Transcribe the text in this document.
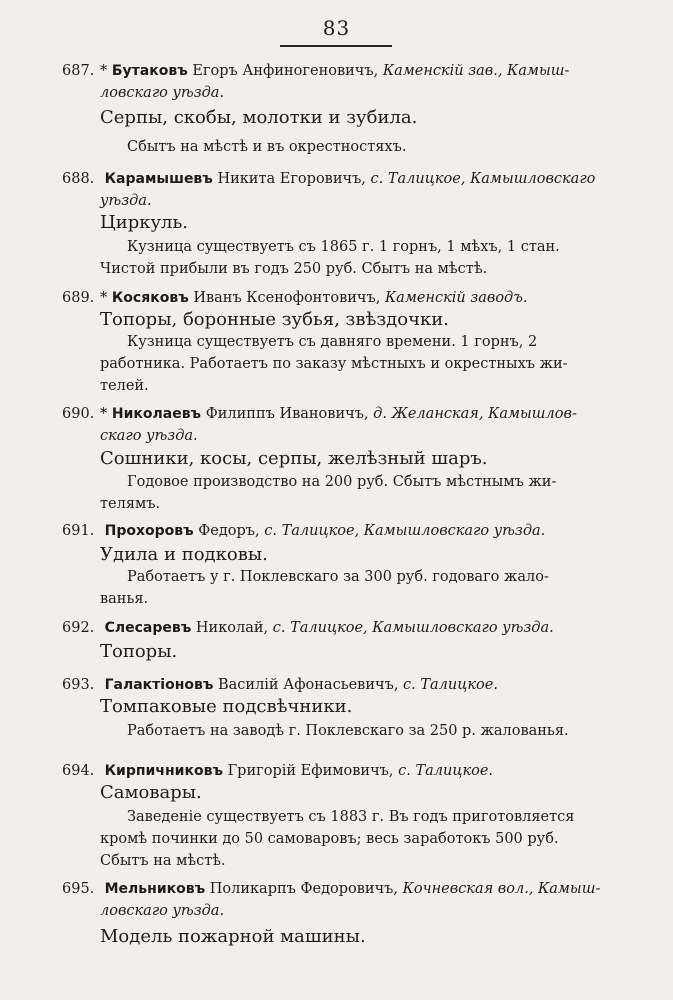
83
687. * Бутаковъ Егоръ Анфиногеновичъ, Каменскій зав., Камыш-
ловскаго уѣзда.
Серпы, скобы, молотки и зубила.
Сбытъ на мѣстѣ и въ окрестностяхъ.
688. Карамышевъ Никита Егоровичъ, с. Талицкое, Камышловскаго
уѣзда.
Циркуль.
Кузница существуетъ съ 1865 г. 1 горнъ, 1 мѣхъ, 1 стан.
Чистой прибыли въ годъ 250 руб. Сбытъ на мѣстѣ.
689. * Косяковъ Иванъ Ксенофонтовичъ, Каменскій заводъ.
Топоры, боронные зубья, звѣздочки.
Кузница существуетъ съ давняго времени. 1 горнъ, 2
работника. Работаетъ по заказу мѣстныхъ и окрестныхъ жи-
телей.
690. * Николаевъ Филиппъ Ивановичъ, д. Желанская, Камышлов-
скаго уѣзда.
Сошники, косы, серпы, желѣзный шаръ.
Годовое производство на 200 руб. Сбытъ мѣстнымъ жи-
телямъ.
691. Прохоровъ Федоръ, с. Талицкое, Камышловскаго уѣзда.
Удила и подковы.
Работаетъ у г. Поклевскаго за 300 руб. годоваго жало-
ванья.
692. Слесаревъ Николай, с. Талицкое, Камышловскаго уѣзда.
Топоры.
693. Галактіоновъ Василій Афонасьевичъ, с. Талицкое.
Томпаковые подсвѣчники.
Работаетъ на заводѣ г. Поклевскаго за 250 р. жалованья.
694. Кирпичниковъ Григорій Ефимовичъ, с. Талицкое.
Самовары.
Заведеніе существуетъ съ 1883 г. Въ годъ приготовляется
кромѣ починки до 50 самоваровъ; весь заработокъ 500 руб.
Сбытъ на мѣстѣ.
695. Мельниковъ Поликарпъ Федоровичъ, Кочневская вол., Камыш-
ловскаго уѣзда.
Модель пожарной машины.
